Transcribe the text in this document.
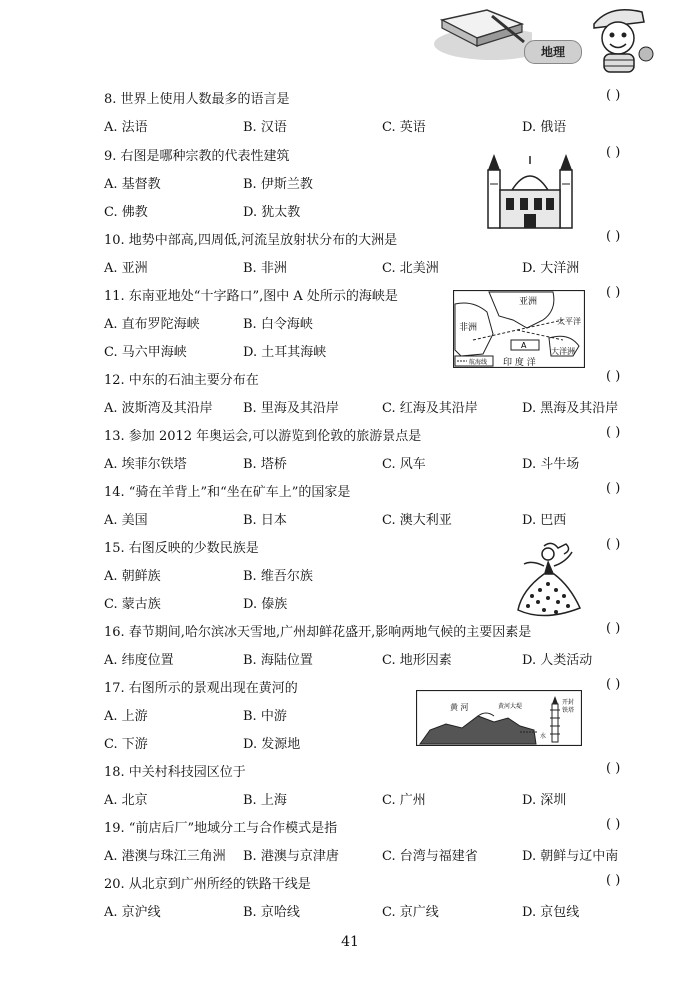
地理
8. 世界上使用人数最多的语言是	( )
A. 法语	B. 汉语	C. 英语	D. 俄语
9. 右图是哪种宗教的代表性建筑	( )
A. 基督教	B. 伊斯兰教
C. 佛教	D. 犹太教
10. 地势中部高,四周低,河流呈放射状分布的大洲是	( )
A. 亚洲	B. 非洲	C. 北美洲	D. 大洋洲
11. 东南亚地处“十字路口”,图中 A 处所示的海峡是	( )
A. 直布罗陀海峡	B. 白令海峡
C. 马六甲海峡	D. 土耳其海峡
亚洲
非洲
太平洋
大洋洲
印 度 洋
A
航海线
12. 中东的石油主要分布在	( )
A. 波斯湾及其沿岸 B. 里海及其沿岸	C. 红海及其沿岸	D. 黑海及其沿岸
13. 参加 2012 年奥运会,可以游览到伦敦的旅游景点是	( )
A. 埃菲尔铁塔	B. 塔桥	C. 风车	D. 斗牛场
14. “骑在羊背上”和“坐在矿车上”的国家是	( )
A. 美国	B. 日本	C. 澳大利亚	D. 巴西
15. 右图反映的少数民族是	( )
A. 朝鲜族	B. 维吾尔族
C. 蒙古族	D. 傣族
16. 春节期间,哈尔滨冰天雪地,广州却鲜花盛开,影响两地气候的主要因素是	( )
A. 纬度位置	B. 海陆位置	C. 地形因素	D. 人类活动
17. 右图所示的景观出现在黄河的	( )
A. 上游	B. 中游
C. 下游	D. 发源地
黄 河	黄河大堤
开封
铁塔
水
18. 中关村科技园区位于	( )
A. 北京	B. 上海	C. 广州	D. 深圳
19. “前店后厂”地域分工与合作模式是指	( )
A. 港澳与珠江三角洲 B. 港澳与京津唐	C. 台湾与福建省	D. 朝鲜与辽中南
20. 从北京到广州所经的铁路干线是	( )
A. 京沪线	B. 京哈线	C. 京广线	D. 京包线
41
